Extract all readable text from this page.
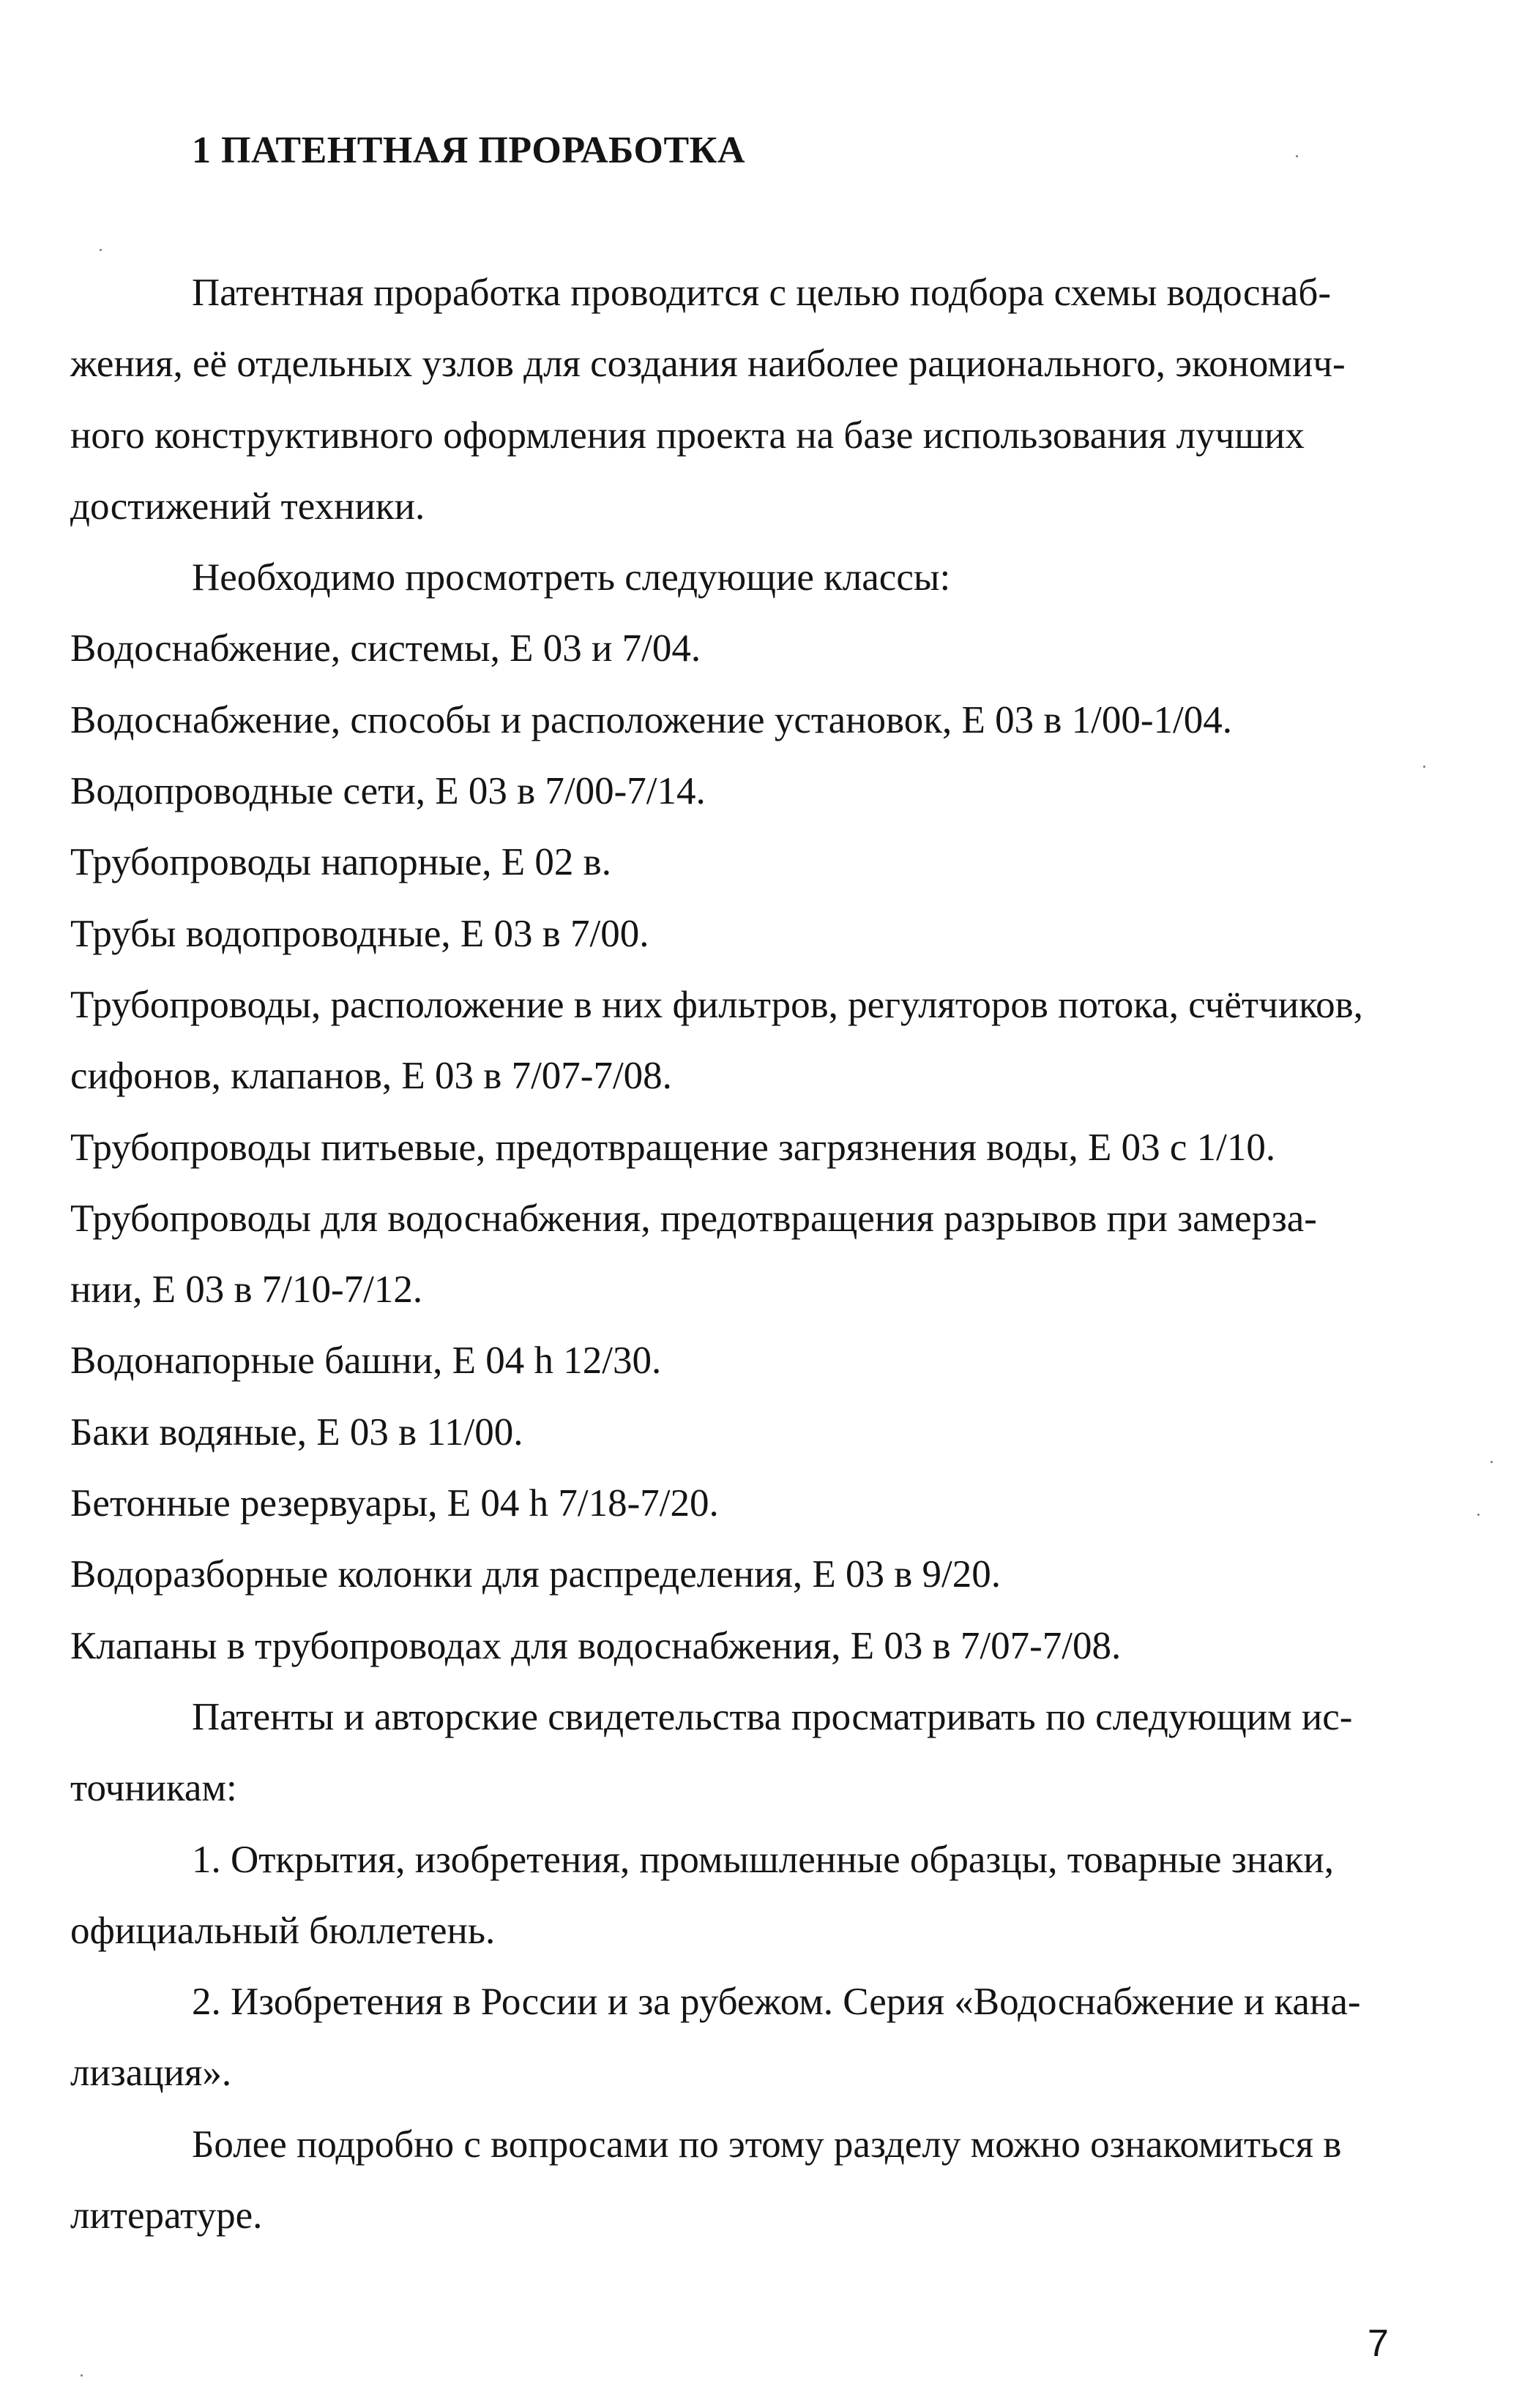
1 ПАТЕНТНАЯ ПРОРАБОТКА
Патентная проработка проводится с целью подбора схемы водоснаб-
жения, её отдельных узлов для создания наиболее рационального, экономич-
ного конструктивного оформления проекта на базе использования лучших
достижений техники.
Необходимо просмотреть следующие классы:
Водоснабжение, системы, Е 03 и 7/04.
Водоснабжение, способы и расположение установок, Е 03 в 1/00-1/04.
Водопроводные сети, Е 03 в 7/00-7/14.
Трубопроводы напорные, Е 02 в.
Трубы водопроводные, Е 03 в 7/00.
Трубопроводы, расположение в них фильтров, регуляторов потока, счётчиков,
сифонов, клапанов, Е 03 в 7/07-7/08.
Трубопроводы питьевые, предотвращение загрязнения воды, Е 03 с 1/10.
Трубопроводы для водоснабжения, предотвращения разрывов при замерза-
нии, Е 03 в 7/10-7/12.
Водонапорные башни, Е 04 h 12/30.
Баки водяные, Е 03 в 11/00.
Бетонные резервуары, Е 04 h 7/18-7/20.
Водоразборные колонки для распределения, Е 03 в 9/20.
Клапаны в трубопроводах для водоснабжения, Е 03 в 7/07-7/08.
Патенты и авторские свидетельства просматривать по следующим ис-
точникам:
1. Открытия, изобретения, промышленные образцы, товарные знаки,
официальный бюллетень.
2. Изобретения в России и за рубежом. Серия «Водоснабжение и кана-
лизация».
Более подробно с вопросами по этому разделу можно ознакомиться в
литературе.
7
